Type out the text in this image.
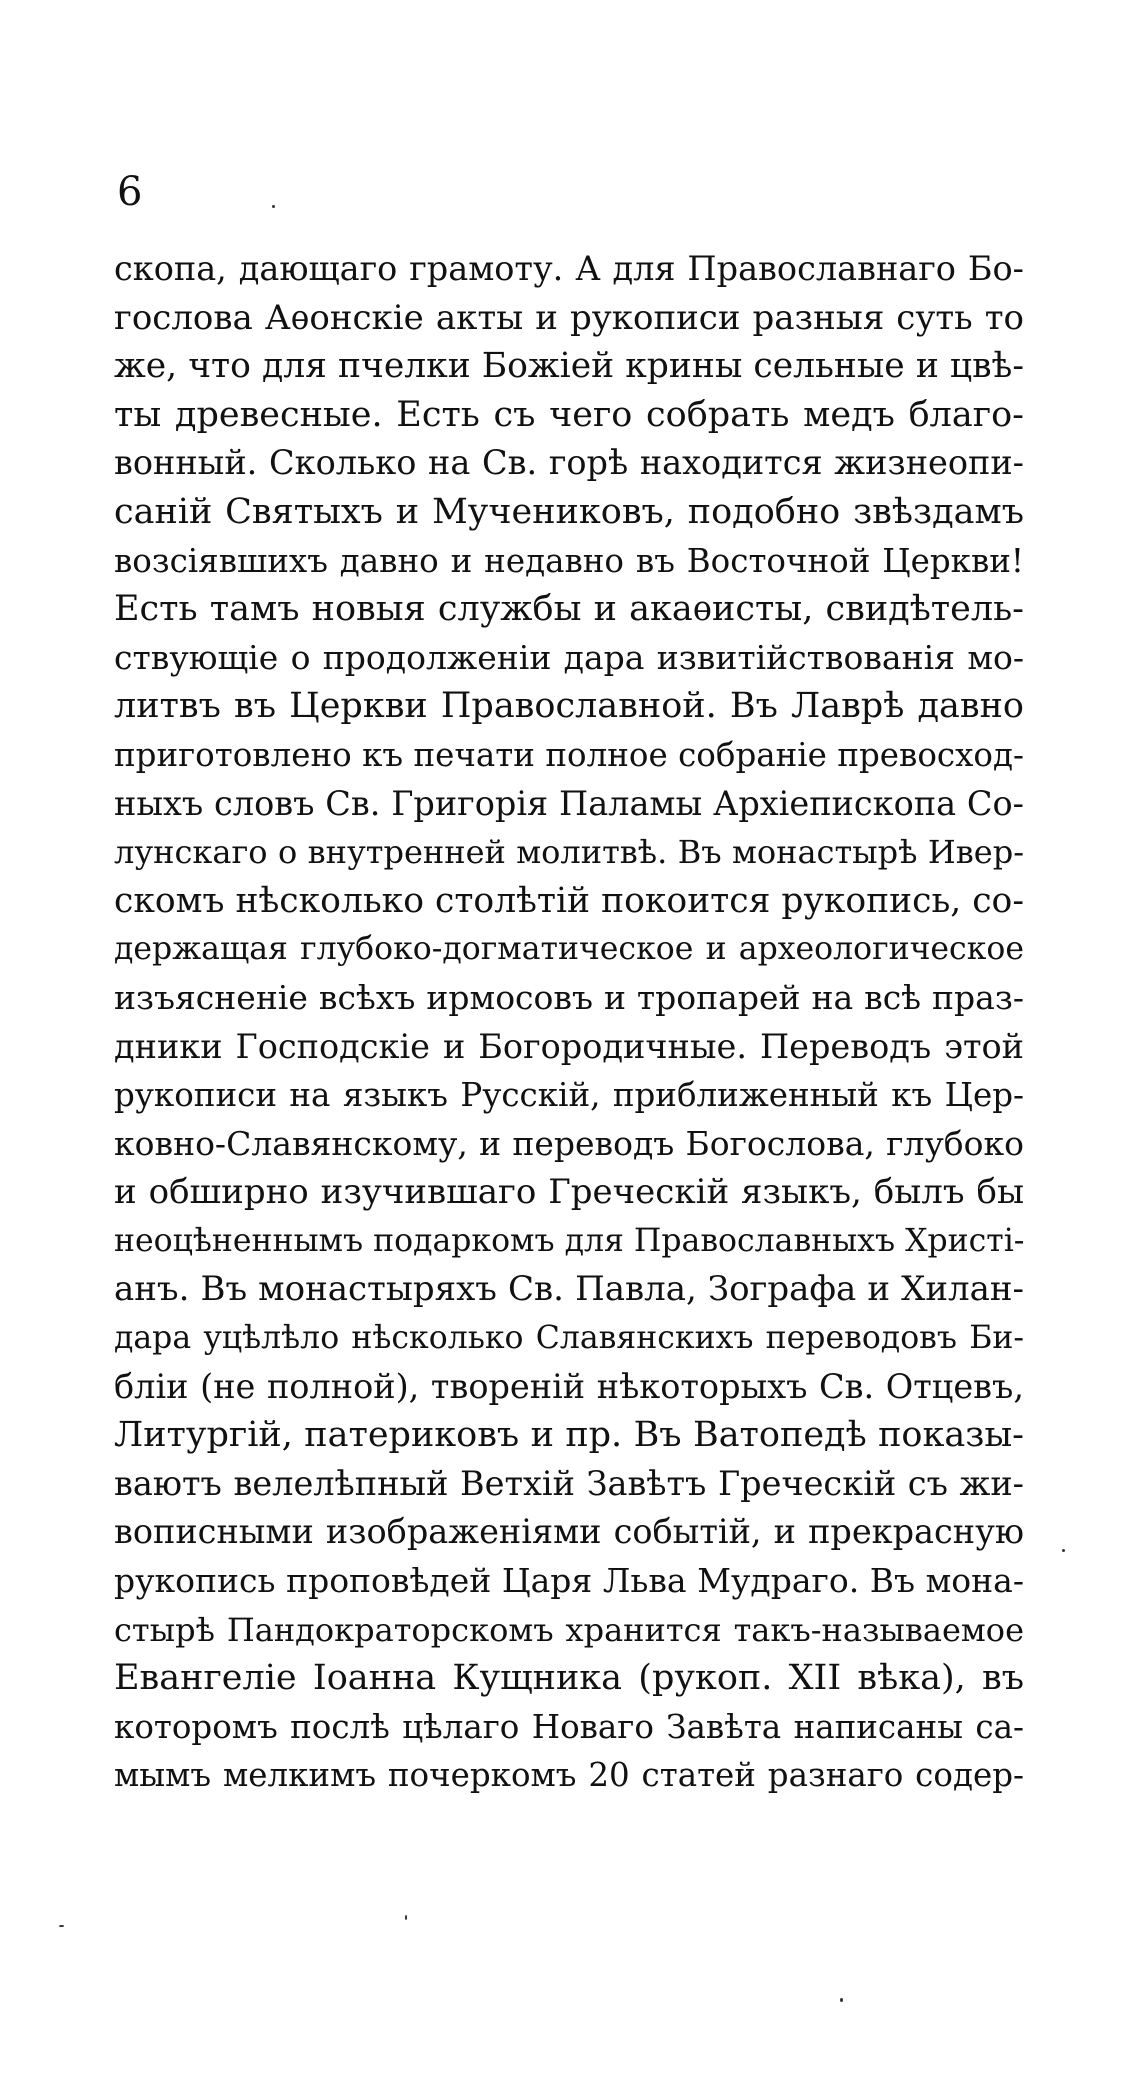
6
скопа, дающаго грамоту. А для Православнаго Бо-
гослова Аѳонскіе акты и рукописи разныя суть то
же, что для пчелки Божіей крины сельные и цвѣ-
ты древесные. Есть съ чего собрать медъ благо-
вонный. Сколько на Св. горѣ находится жизнеопи-
саній Святыхъ и Мучениковъ, подобно звѣздамъ
возсіявшихъ давно и недавно въ Восточной Церкви!
Есть тамъ новыя службы и акаѳисты, свидѣтель-
ствующіе о продолженіи дара извитійствованія мо-
литвъ въ Церкви Православной. Въ Лаврѣ давно
приготовлено къ печати полное собраніе превосход-
ныхъ словъ Св. Григорія Паламы Архіепископа Со-
лунскаго о внутренней молитвѣ. Въ монастырѣ Ивер-
скомъ нѣсколько столѣтій покоится рукопись, со-
держащая глубоко-догматическое и археологическое
изъясненіе всѣхъ ирмосовъ и тропарей на всѣ праз-
дники Господскіе и Богородичные. Переводъ этой
рукописи на языкъ Русскій, приближенный къ Цер-
ковно-Славянскому, и переводъ Богослова, глубоко
и обширно изучившаго Греческій языкъ, былъ бы
неоцѣненнымъ подаркомъ для Православныхъ Христі-
анъ. Въ монастыряхъ Св. Павла, Зографа и Хилан-
дара уцѣлѣло нѣсколько Славянскихъ переводовъ Би-
бліи (не полной), твореній нѣкоторыхъ Св. Отцевъ,
Литургій, патериковъ и пр. Въ Ватопедѣ показы-
ваютъ велелѣпный Ветхій Завѣтъ Греческій съ жи-
вописными изображеніями событій, и прекрасную
рукопись проповѣдей Царя Льва Мудраго. Въ мона-
стырѣ Пандократорскомъ хранится такъ-называемое
Евангеліе Іоанна Кущника (рукоп. XII вѣка), въ
которомъ послѣ цѣлаго Новаго Завѣта написаны са-
мымъ мелкимъ почеркомъ 20 статей разнаго содер-
